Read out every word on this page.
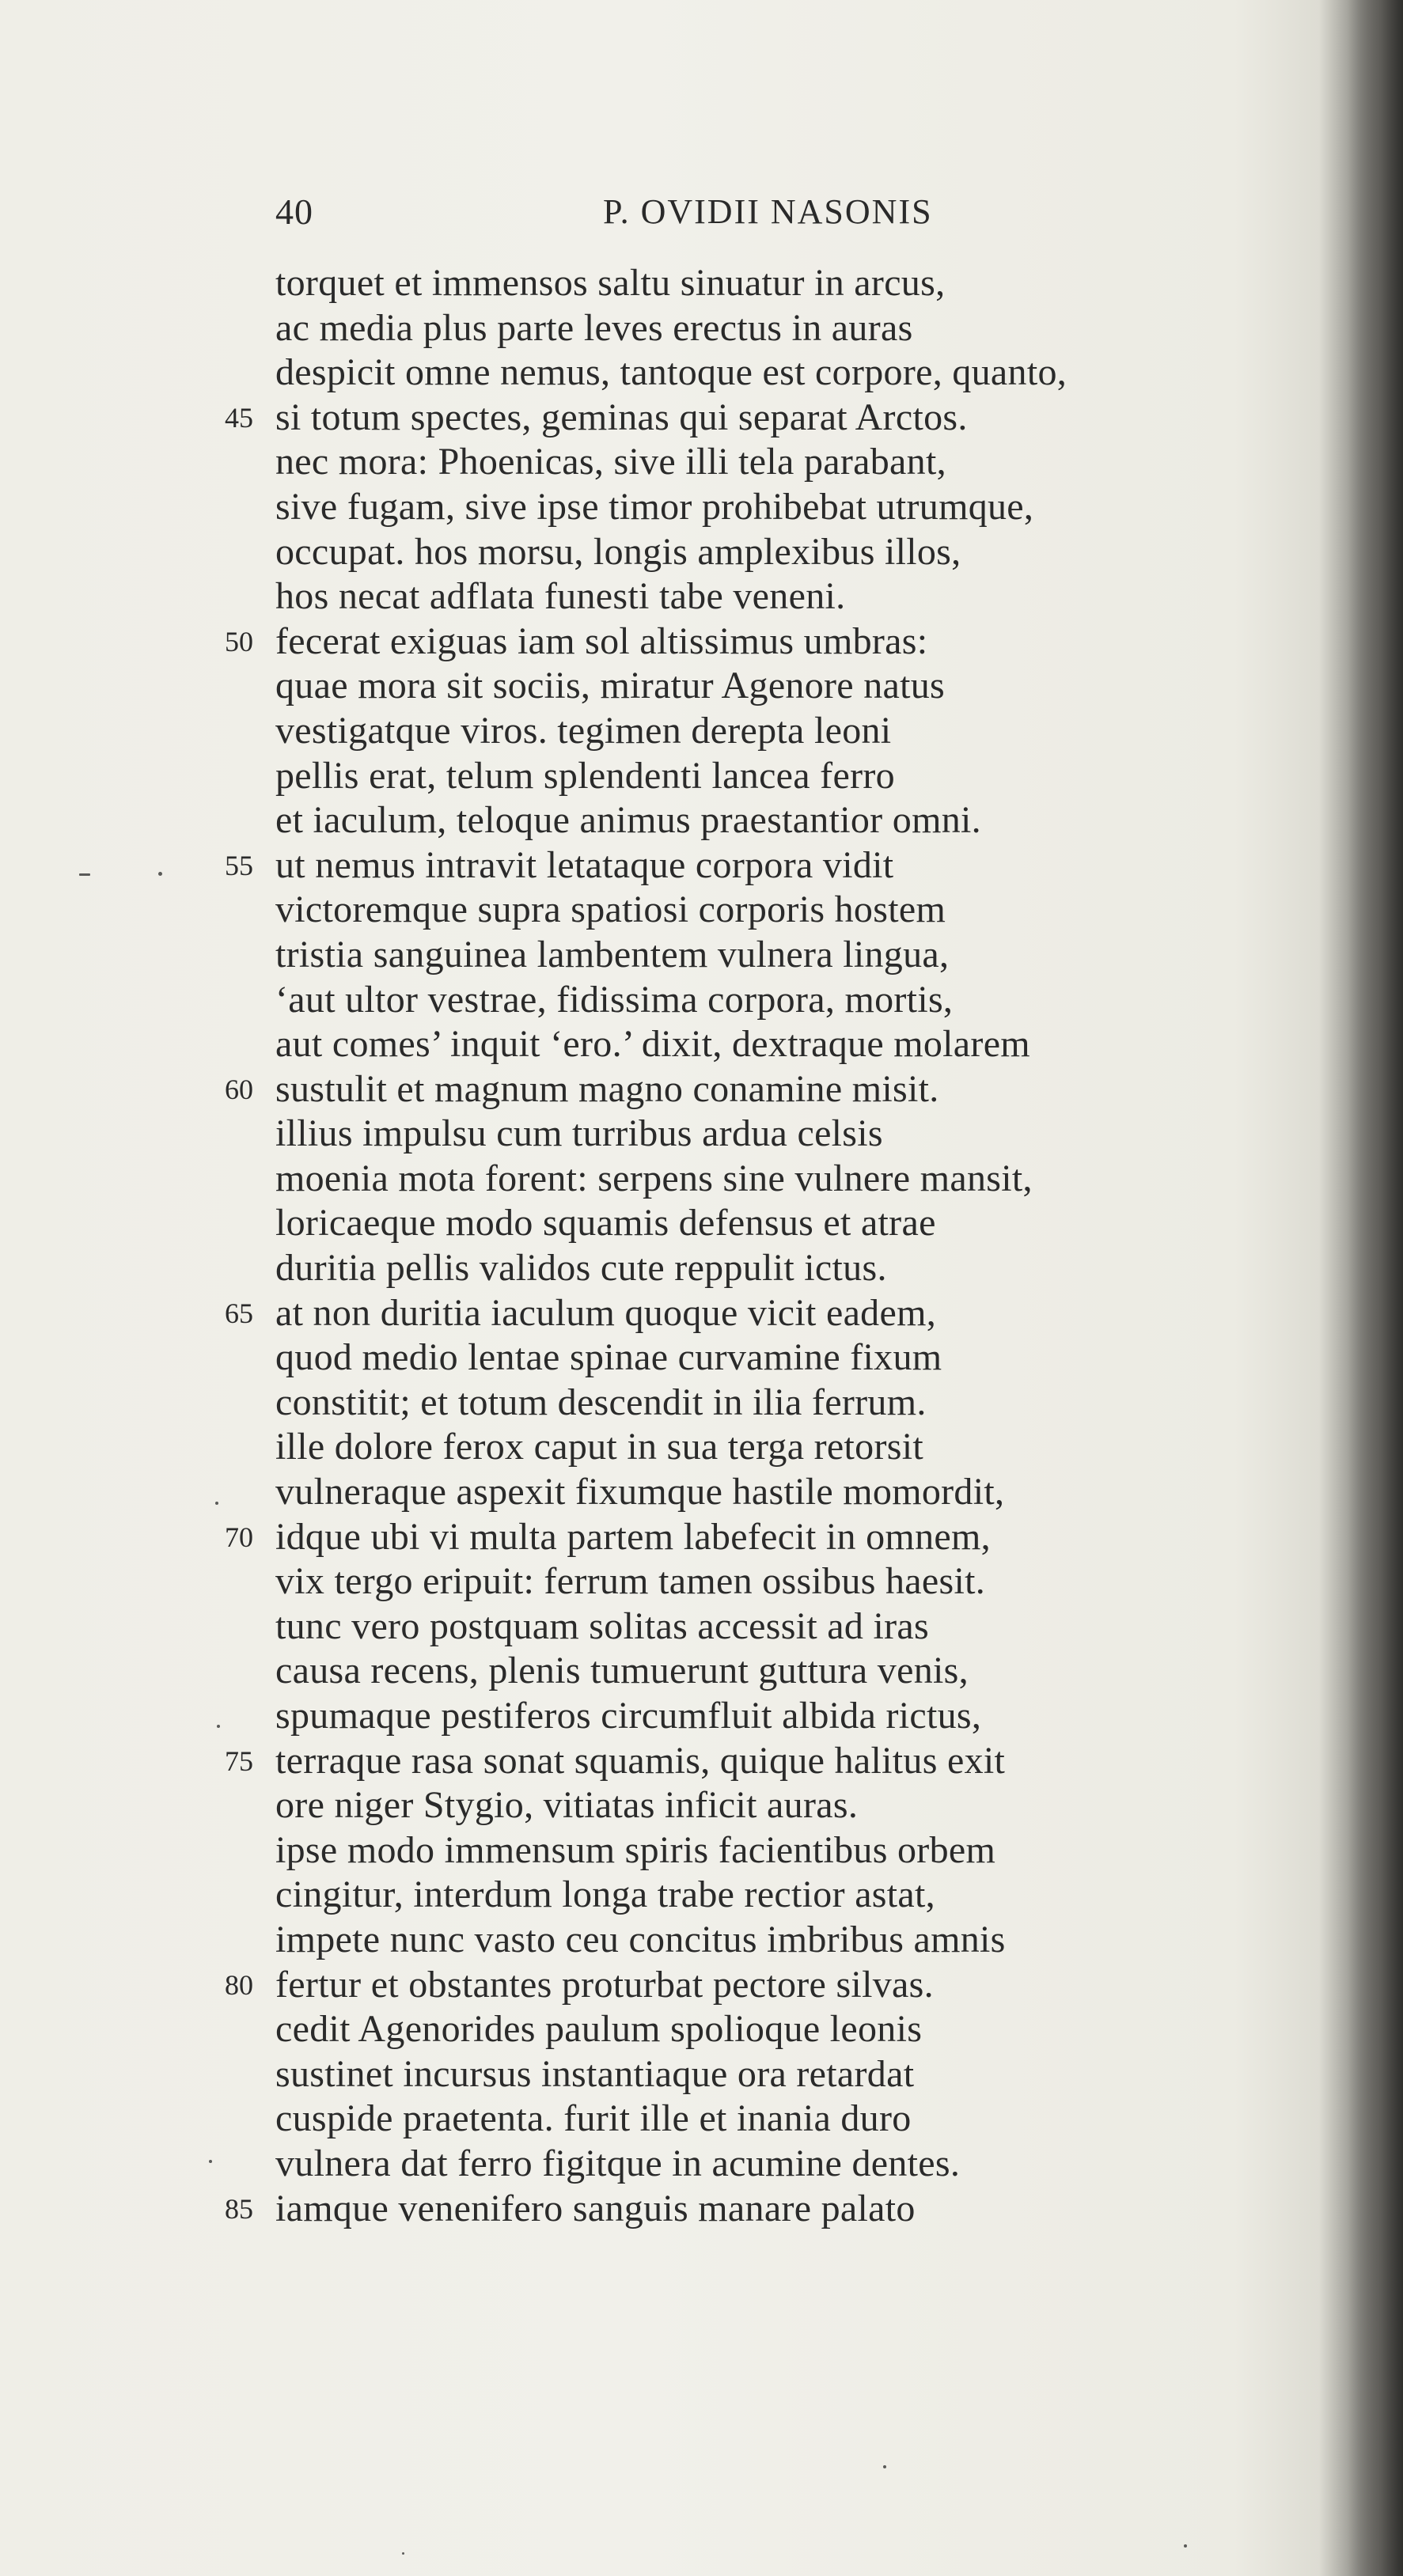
40	P. OVIDII NASONIS
torquet et immensos saltu sinuatur in arcus,
ac media plus parte leves erectus in auras
despicit omne nemus, tantoque est corpore, quanto,
45 si totum spectes, geminas qui separat Arctos.
nec mora: Phoenicas, sive illi tela parabant,
sive fugam, sive ipse timor prohibebat utrumque,
occupat. hos morsu, longis amplexibus illos,
hos necat adflata funesti tabe veneni.
50 fecerat exiguas iam sol altissimus umbras:
quae mora sit sociis, miratur Agenore natus
vestigatque viros. tegimen derepta leoni
pellis erat, telum splendenti lancea ferro
et iaculum, teloque animus praestantior omni.
55 ut nemus intravit letataque corpora vidit
victoremque supra spatiosi corporis hostem
tristia sanguinea lambentem vulnera lingua,
‘aut ultor vestrae, fidissima corpora, mortis,
aut comes’ inquit ‘ero.’ dixit, dextraque molarem
60 sustulit et magnum magno conamine misit.
illius impulsu cum turribus ardua celsis
moenia mota forent: serpens sine vulnere mansit,
loricaeque modo squamis defensus et atrae
duritia pellis validos cute reppulit ictus.
65 at non duritia iaculum quoque vicit eadem,
quod medio lentae spinae curvamine fixum
constitit; et totum descendit in ilia ferrum.
ille dolore ferox caput in sua terga retorsit
vulneraque aspexit fixumque hastile momordit,
70 idque ubi vi multa partem labefecit in omnem,
vix tergo eripuit: ferrum tamen ossibus haesit.
tunc vero postquam solitas accessit ad iras
causa recens, plenis tumuerunt guttura venis,
spumaque pestiferos circumfluit albida rictus,
75 terraque rasa sonat squamis, quique halitus exit
ore niger Stygio, vitiatas inficit auras.
ipse modo immensum spiris facientibus orbem
cingitur, interdum longa trabe rectior astat,
impete nunc vasto ceu concitus imbribus amnis
80 fertur et obstantes proturbat pectore silvas.
cedit Agenorides paulum spolioque leonis
sustinet incursus instantiaque ora retardat
cuspide praetenta. furit ille et inania duro
vulnera dat ferro figitque in acumine dentes.
85 iamque venenifero sanguis manare palato
